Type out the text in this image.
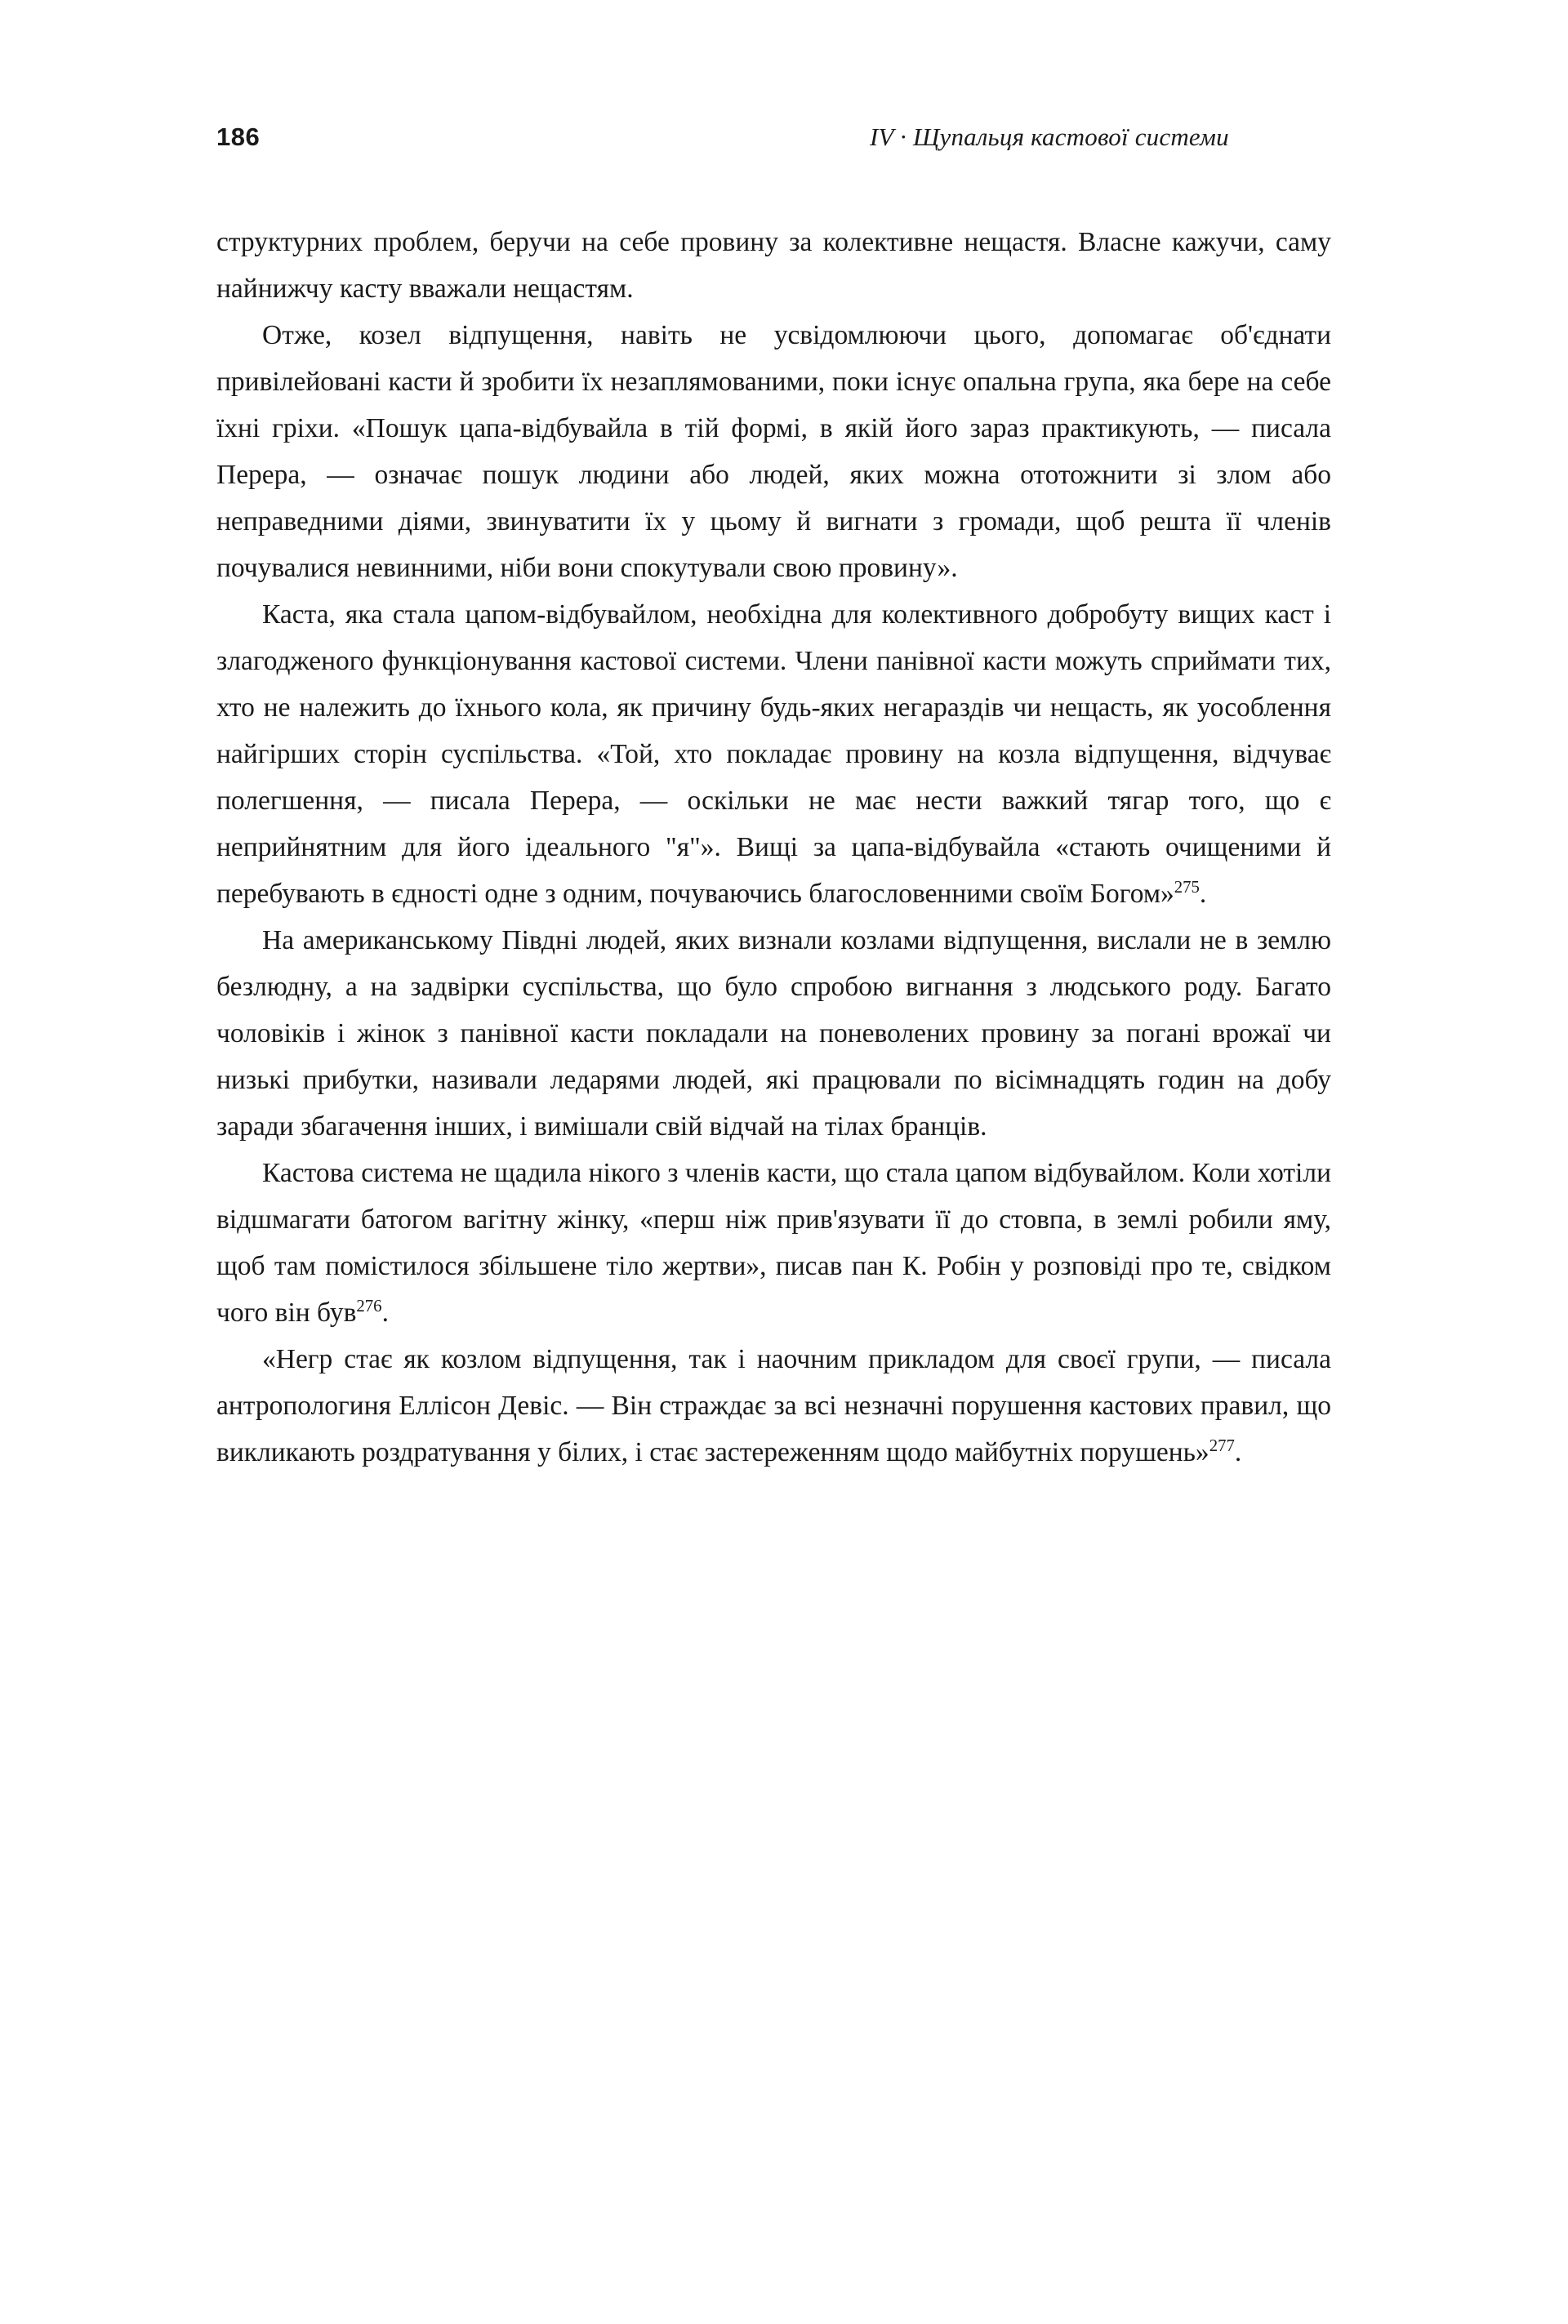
186	IV · Щупальця кастової системи

структурних проблем, беручи на себе провину за колективне нещастя. Власне кажучи, саму найнижчу касту вважали нещастям.

Отже, козел відпущення, навіть не усвідомлюючи цього, допомагає об'єднати привілейовані касти й зробити їх незаплямованими, поки існує опальна група, яка бере на себе їхні гріхи. «Пошук цапа-відбувайла в тій формі, в якій його зараз практикують, — писала Перера, — означає пошук людини або людей, яких можна ототожнити зі злом або неправедними діями, звинуватити їх у цьому й вигнати з громади, щоб решта її членів почувалися невинними, ніби вони спокутували свою провину».

Каста, яка стала цапом-відбувайлом, необхідна для колективного добробуту вищих каст і злагодженого функціонування кастової системи. Члени панівної касти можуть сприймати тих, хто не належить до їхнього кола, як причину будь-яких негараздів чи нещасть, як уособлення найгірших сторін суспільства. «Той, хто покладає провину на козла відпущення, відчуває полегшення, — писала Перера, — оскільки не має нести важкий тягар того, що є неприйнятним для його ідеального "я"». Вищі за цапа-відбувайла «стають очищеними й перебувають в єдності одне з одним, почуваючись благословенними своїм Богом»$^{275}$.

На американському Півдні людей, яких визнали козлами відпущення, вислали не в землю безлюдну, а на задвірки суспільства, що було спробою вигнання з людського роду. Багато чоловіків і жінок з панівної касти покладали на поневолених провину за погані врожаї чи низькі прибутки, називали ледарями людей, які працювали по вісімнадцять годин на добу заради збагачення інших, і вимішали свій відчай на тілах бранців.

Кастова система не щадила нікого з членів касти, що стала цапом відбувайлом. Коли хотіли відшмагати батогом вагітну жінку, «перш ніж прив'язувати її до стовпа, в землі робили яму, щоб там помістилося збільшене тіло жертви», писав пан К. Робін у розповіді про те, свідком чого він був$^{276}$.

«Негр стає як козлом відпущення, так і наочним прикладом для своєї групи, — писала антропологиня Еллісон Девіс. — Він страждає за всі незначні порушення кастових правил, що викликають роздратування у білих, і стає застереженням щодо майбутніх порушень»$^{277}$.
